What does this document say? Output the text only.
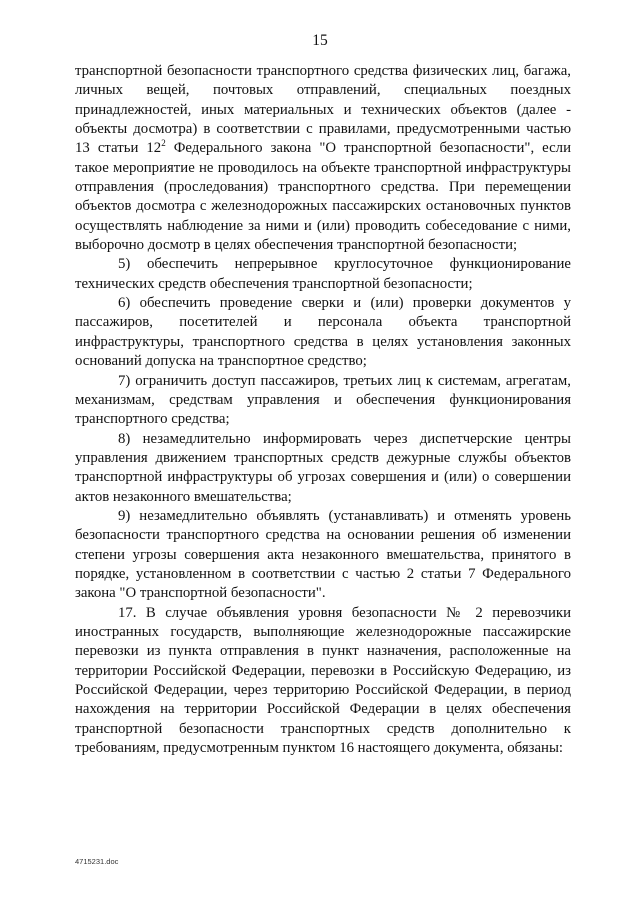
15

транспортной безопасности транспортного средства физических лиц, багажа, личных вещей, почтовых отправлений, специальных поездных принадлежностей, иных материальных и технических объектов (далее - объекты досмотра) в соответствии с правилами, предусмотренными частью 13 статьи $12^2$ Федерального закона "О транспортной безопасности", если такое мероприятие не проводилось на объекте транспортной инфраструктуры отправления (проследования) транспортного средства. При перемещении объектов досмотра с железнодорожных пассажирских остановочных пунктов осуществлять наблюдение за ними и (или) проводить собеседование с ними, выборочно досмотр в целях обеспечения транспортной безопасности;

5) обеспечить непрерывное круглосуточное функционирование технических средств обеспечения транспортной безопасности;

6) обеспечить проведение сверки и (или) проверки документов у пассажиров, посетителей и персонала объекта транспортной инфраструктуры, транспортного средства в целях установления законных оснований допуска на транспортное средство;

7) ограничить доступ пассажиров, третьих лиц к системам, агрегатам, механизмам, средствам управления и обеспечения функционирования транспортного средства;

8) незамедлительно информировать через диспетчерские центры управления движением транспортных средств дежурные службы объектов транспортной инфраструктуры об угрозах совершения и (или) о совершении актов незаконного вмешательства;

9) незамедлительно объявлять (устанавливать) и отменять уровень безопасности транспортного средства на основании решения об изменении степени угрозы совершения акта незаконного вмешательства, принятого в порядке, установленном в соответствии с частью 2 статьи 7 Федерального закона "О транспортной безопасности".

17. В случае объявления уровня безопасности № 2 перевозчики иностранных государств, выполняющие железнодорожные пассажирские перевозки из пункта отправления в пункт назначения, расположенные на территории Российской Федерации, перевозки в Российскую Федерацию, из Российской Федерации, через территорию Российской Федерации, в период нахождения на территории Российской Федерации в целях обеспечения транспортной безопасности транспортных средств дополнительно к требованиям, предусмотренным пунктом 16 настоящего документа, обязаны:

4715231.doc
